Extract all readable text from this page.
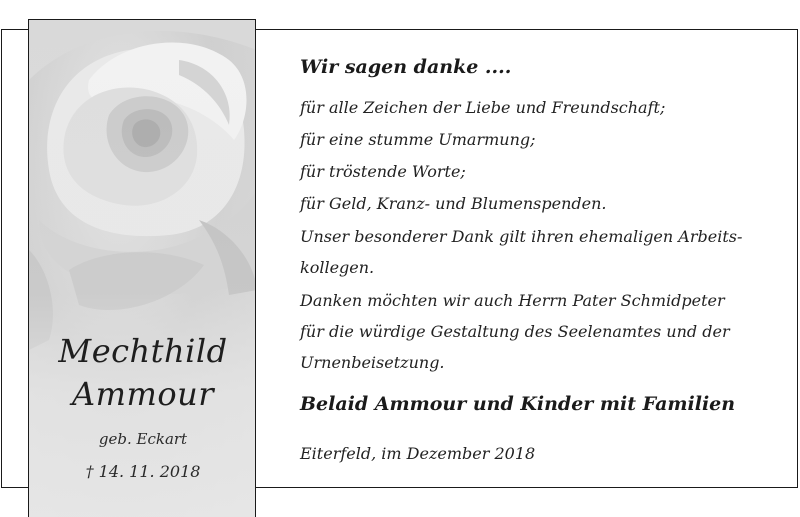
Mechthild
Ammour
geb. Eckart
† 14. 11. 2018
Wir sagen danke ....
für alle Zeichen der Liebe und Freundschaft;
für eine stumme Umarmung;
für tröstende Worte;
für Geld, Kranz- und Blumenspenden.
Unser besonderer Dank gilt ihren ehemaligen Arbeits-
kollegen.
Danken möchten wir auch Herrn Pater Schmidpeter
für die würdige Gestaltung des Seelenamtes und der
Urnenbeisetzung.
Belaid Ammour und Kinder mit Familien
Eiterfeld, im Dezember 2018
